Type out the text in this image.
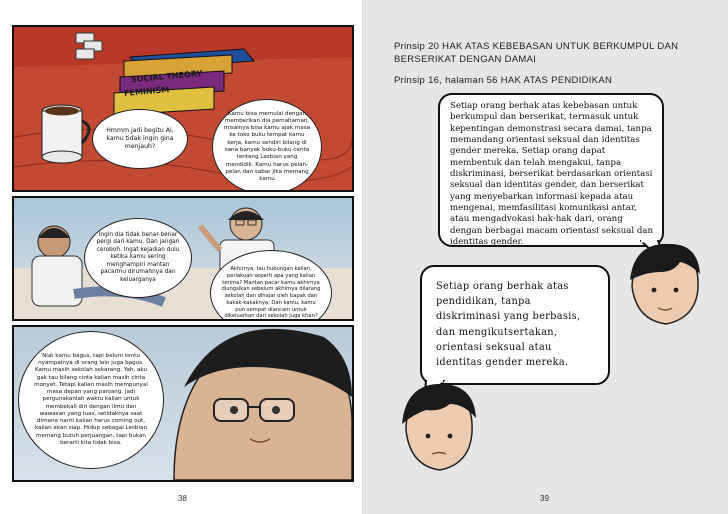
SOCIAL THEORY
FEMINISM
Hmmm jadi begitu Ai, kamu tidak ingin gina menjauh?
Kamu bisa memulai dengan memberikan dia pemahaman, misalnya bisa kamu ajak masa ke toko buku tempat kamu kerja, kamu sendiri bilang di sana banyak buku-buku cerita tentang Lesbian yang mendidik. Kamu harus pelan-pelan dan sabar jika memang kamu
Ingin dia tidak benar-benar pergi dari kamu. Dan jangan ceroboh. Ingat kejadian dulu ketika kamu sering menghampiri mantan pacarmu dirumahnya dan keluarganya
Akhirnya, tau hubungan kalian, perlakuan seperti apa yang kalian terima? Mantan pacar kamu akhirnya diungsikan sebelum akhirnya dilarang sekolah dan dihajar oleh bapak dan kakak-kakaknya. Dan kamu, kamu pun sempat diancam untuk dikeluarkan dari sekolah juga khan?
Niat kamu bagus, tapi belum tentu nyampainya di orang lain juga bagus. Kamu masih sekolah sekarang. Yah, aku gak tau bilang cinta kalian masih cinta monyet. Tetapi kalian masih mempunyai masa depan yang panjang. Jadi pergunakanlah waktu kalian untuk membekali diri dengan ilmu dan wawasan yang luas, setidaknya saat dimana nanti kalian harus coming out, kalian akan siap. Hidup sebagai Lesbian memang butuh perjuangan, tapi bukan berarti kita tidak bisa.
38
Prinsip 20 HAK ATAS KEBEBASAN UNTUK BERKUMPUL DAN BERSERIKAT DENGAN DAMAI
Prinsip 16, halaman 56 HAK ATAS PENDIDIKAN
Setiap orang berhak atas kebebasan untuk berkumpul dan berserikat, termasuk untuk kepentingan demonstrasi secara damai, tanpa memandang orientasi seksual dan identitas gender mereka. Setiap orang dapat membentuk dan telah mengakui, tanpa diskriminasi, berserikat berdasarkan orientasi seksual dan identitas gender, dan berserikat yang menyebarkan informasi kepada atau mengenai, memfasilitasi komunikasi antar, atau mengadvokasi hak-hak dari, orang dengan berbagai macam orientasi seksual dan identitas gender.
Setiap orang berhak atas pendidikan, tanpa diskriminasi yang berbasis, dan mengikutsertakan, orientasi seksual atau identitas gender mereka.
39
